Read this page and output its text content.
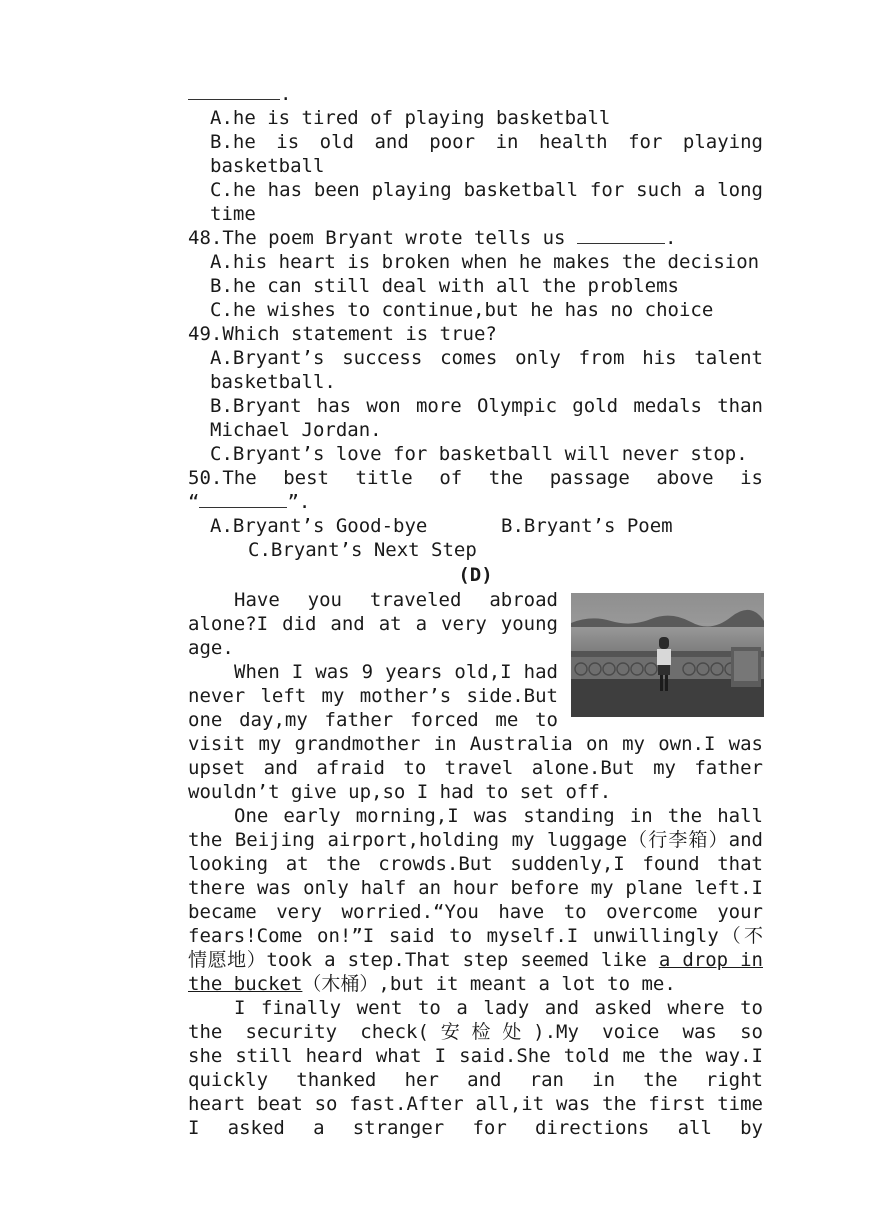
.
A.he is tired of playing basketball
B.he is old and poor in health for playing
basketball
C.he has been playing basketball for such a long
time
48.The poem Bryant wrote tells us	.
A.his heart is broken when he makes the decision
B.he can still deal with all the problems
C.he wishes to continue,but he has no choice
49.Which statement is true?
A.Bryant’s success comes only from his talent
basketball.
B.Bryant has won more Olympic gold medals than
Michael Jordan.
C.Bryant’s love for basketball will never stop.
50.The best title of the passage above is
“	”.
A.Bryant’s Good-bye	B.Bryant’s Poem
C.Bryant’s Next Step
(D)
Have you traveled abroad
alone?I did and at a very young
age.
When I was 9 years old,I had
never left my mother’s side.But
one day,my father forced me to
visit my grandmother in Australia on my own.I was
upset and afraid to travel alone.But my father
wouldn’t give up,so I had to set off.
One early morning,I was standing in the hall
the Beijing airport,holding my luggage（行李箱）and
looking at the crowds.But suddenly,I found that
there was only half an hour before my plane left.I
became very worried.“You have to overcome your
fears!Come on!”I said to myself.I unwillingly（不
情愿地）took a step.That step seemed like a drop in
the bucket（木桶）,but it meant a lot to me.
I finally went to a lady and asked where to
the security check(安检处).My voice was so
she still heard what I said.She told me the way.I
quickly thanked her and ran in the right
heart beat so fast.After all,it was the first time
I asked a stranger for directions all by
